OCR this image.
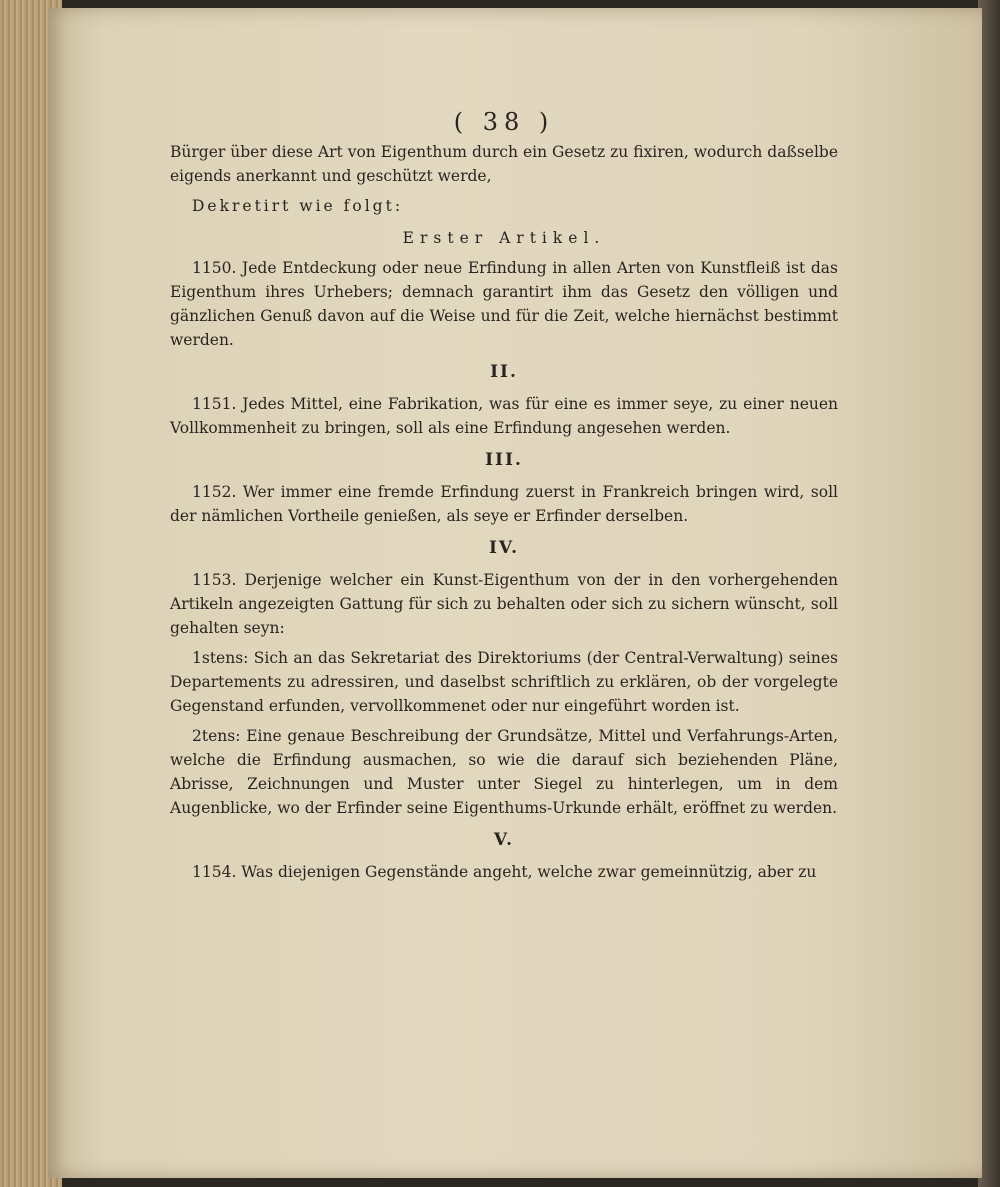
( 38 )

Bürger über diese Art von Eigenthum durch ein Gesetz zu fixiren, wodurch daßselbe eigends anerkannt und geschützt werde,

Dekretirt wie folgt:

Erster Artikel.

1150. Jede Entdeckung oder neue Erfindung in allen Arten von Kunstfleiß ist das Eigenthum ihres Urhebers; demnach garantirt ihm das Gesetz den völligen und gänzlichen Genuß davon auf die Weise und für die Zeit, welche hiernächst bestimmt werden.

II.

1151. Jedes Mittel, eine Fabrikation, was für eine es immer seye, zu einer neuen Vollkommenheit zu bringen, soll als eine Erfindung angesehen werden.

III.

1152. Wer immer eine fremde Erfindung zuerst in Frankreich bringen wird, soll der nämlichen Vortheile genießen, als seye er Erfinder derselben.

IV.

1153. Derjenige welcher ein Kunst-Eigenthum von der in den vorhergehenden Artikeln angezeigten Gattung für sich zu behalten oder sich zu sichern wünscht, soll gehalten seyn:

1stens: Sich an das Sekretariat des Direktoriums (der Central-Verwaltung) seines Departements zu adressiren, und daselbst schriftlich zu erklären, ob der vorgelegte Gegenstand erfunden, vervollkommenet oder nur eingeführt worden ist.

2tens: Eine genaue Beschreibung der Grundsätze, Mittel und Verfahrungs-Arten, welche die Erfindung ausmachen, so wie die darauf sich beziehenden Pläne, Abrisse, Zeichnungen und Muster unter Siegel zu hinterlegen, um in dem Augenblicke, wo der Erfinder seine Eigenthums-Urkunde erhält, eröffnet zu werden.

V.

1154. Was diejenigen Gegenstände angeht, welche zwar gemeinnützig, aber zu
